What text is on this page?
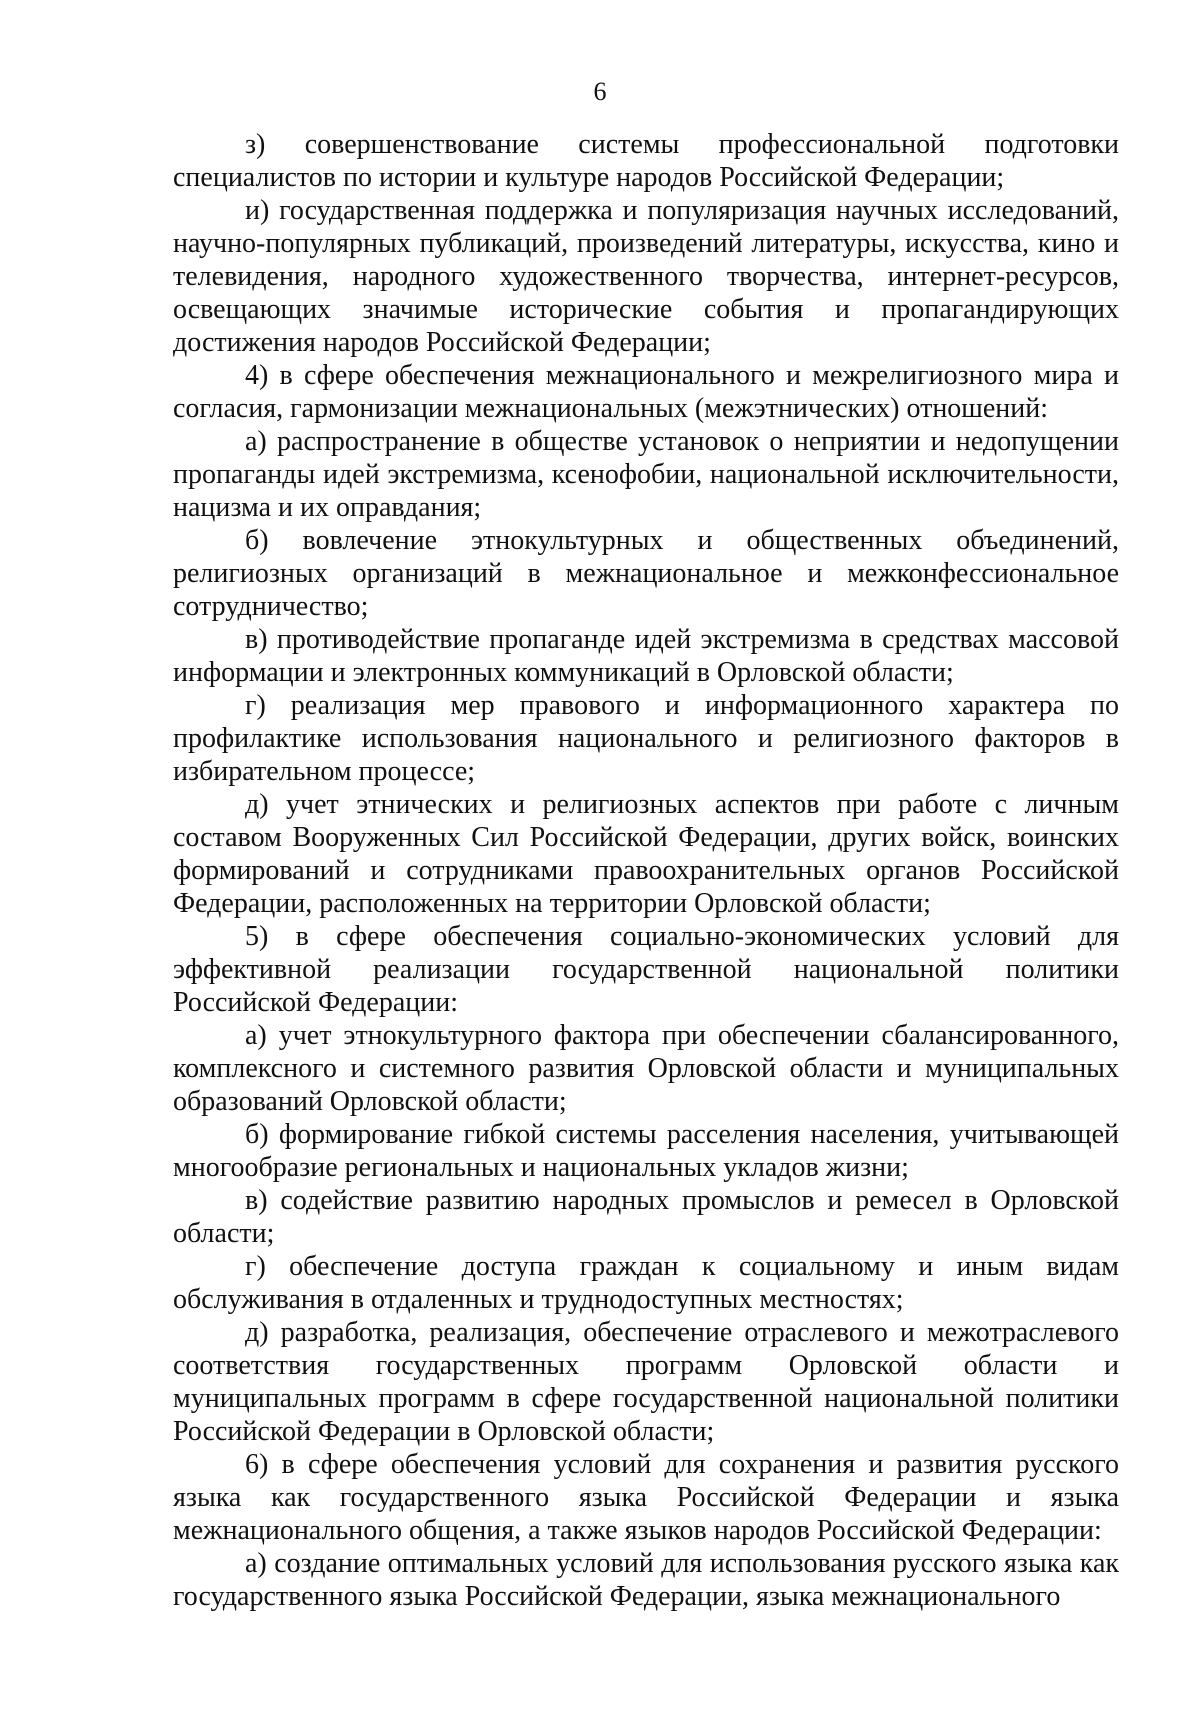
6

з) совершенствование системы профессиональной подготовки специалистов по истории и культуре народов Российской Федерации;

и) государственная поддержка и популяризация научных исследований, научно-популярных публикаций, произведений литературы, искусства, кино и телевидения, народного художественного творчества, интернет-ресурсов, освещающих значимые исторические события и пропагандирующих достижения народов Российской Федерации;

4) в сфере обеспечения межнационального и межрелигиозного мира и согласия, гармонизации межнациональных (межэтнических) отношений:

а) распространение в обществе установок о неприятии и недопущении пропаганды идей экстремизма, ксенофобии, национальной исключительности, нацизма и их оправдания;

б) вовлечение этнокультурных и общественных объединений, религиозных организаций в межнациональное и межконфессиональное сотрудничество;

в) противодействие пропаганде идей экстремизма в средствах массовой информации и электронных коммуникаций в Орловской области;

г) реализация мер правового и информационного характера по профилактике использования национального и религиозного факторов в избирательном процессе;

д) учет этнических и религиозных аспектов при работе с личным составом Вооруженных Сил Российской Федерации, других войск, воинских формирований и сотрудниками правоохранительных органов Российской Федерации, расположенных на территории Орловской области;

5) в сфере обеспечения социально-экономических условий для эффективной реализации государственной национальной политики Российской Федерации:

а) учет этнокультурного фактора при обеспечении сбалансированного, комплексного и системного развития Орловской области и муниципальных образований Орловской области;

б) формирование гибкой системы расселения населения, учитывающей многообразие региональных и национальных укладов жизни;

в) содействие развитию народных промыслов и ремесел в Орловской области;

г) обеспечение доступа граждан к социальному и иным видам обслуживания в отдаленных и труднодоступных местностях;

д) разработка, реализация, обеспечение отраслевого и межотраслевого соответствия государственных программ Орловской области и муниципальных программ в сфере государственной национальной политики Российской Федерации в Орловской области;

6) в сфере обеспечения условий для сохранения и развития русского языка как государственного языка Российской Федерации и языка межнационального общения, а также языков народов Российской Федерации:

а) создание оптимальных условий для использования русского языка как государственного языка Российской Федерации, языка межнационального
